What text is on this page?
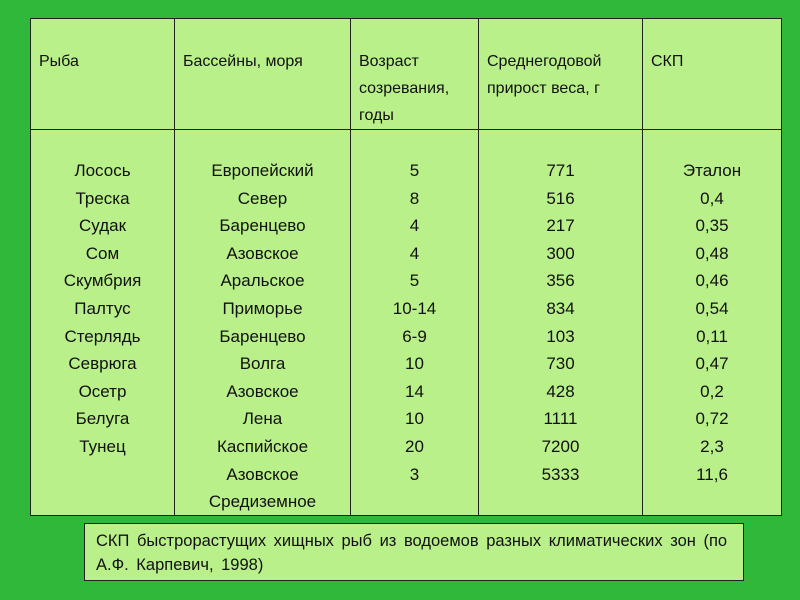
Рыба
Лосось
Треска
Судак
Сом
Скумбрия
Палтус
Стерлядь
Севрюга
Осетр
Белуга
Тунец
Бассейны, моря
Европейский
Север
Баренцево
Азовское
Аральское
Приморье
Баренцево
Волга
Азовское
Лена
Каспийское
Азовское
Средиземное
Возраст созревания, годы
5
8
4
4
5
10-14
6-9
10
14
10
20
3
Среднегодовой прирост веса, г
771
516
217
300
356
834
103
730
428
1111
7200
5333
СКП
Эталон
0,4
0,35
0,48
0,46
0,54
0,11
0,47
0,2
0,72
2,3
11,6
СКП быстрорастущих хищных рыб из водоемов разных климатических зон (по А.Ф. Карпевич, 1998)
